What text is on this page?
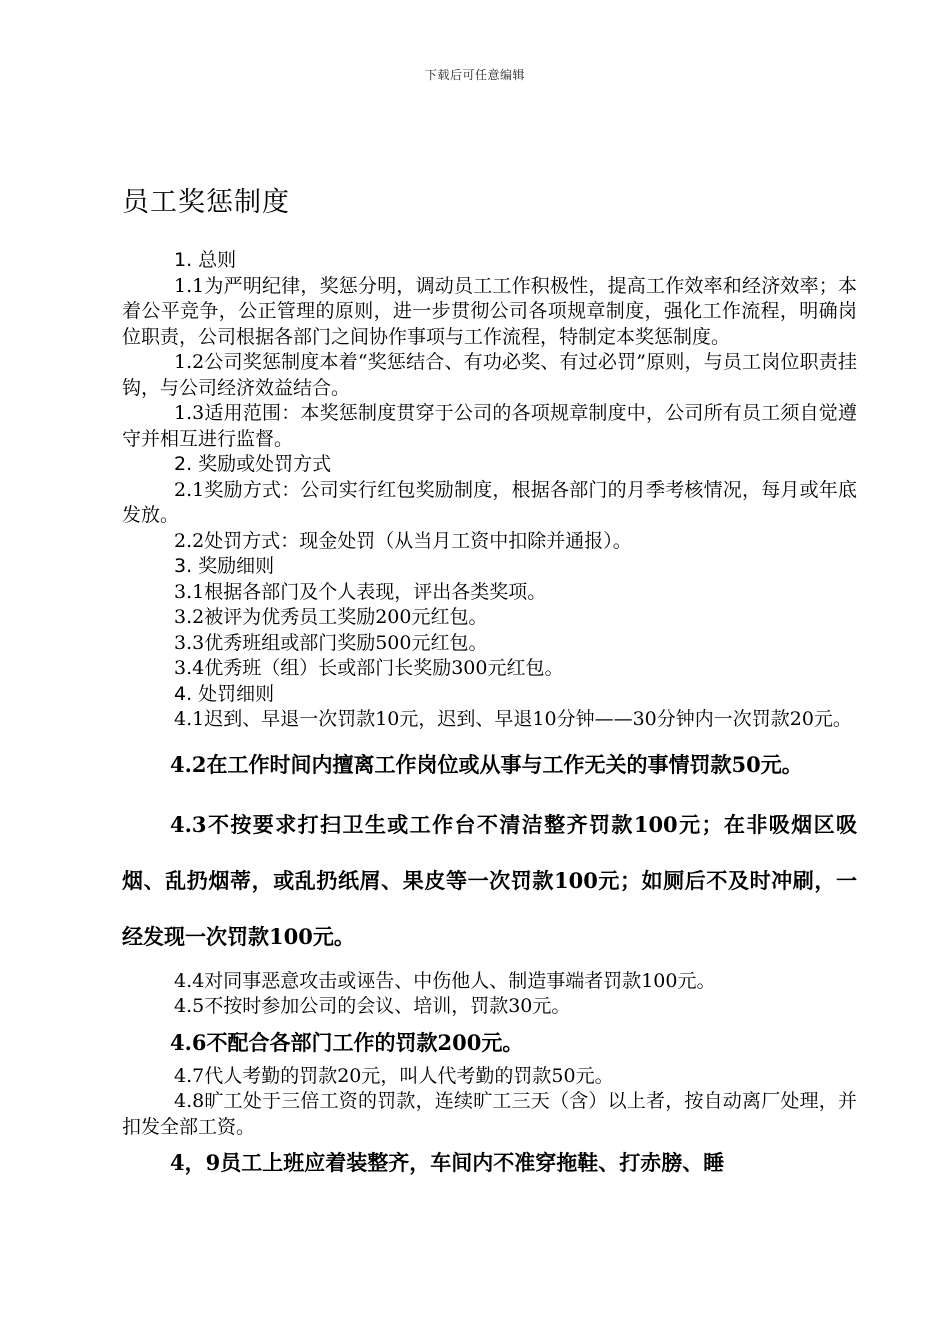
下载后可任意编辑
员工奖惩制度

1. 总则

1.1为严明纪律，奖惩分明，调动员工工作积极性，提高工作效率和经济效率；本着公平竞争，公正管理的原则，进一步贯彻公司各项规章制度，强化工作流程，明确岗位职责，公司根据各部门之间协作事项与工作流程，特制定本奖惩制度。

1.2公司奖惩制度本着“奖惩结合、有功必奖、有过必罚”原则，与员工岗位职责挂钩，与公司经济效益结合。

1.3适用范围：本奖惩制度贯穿于公司的各项规章制度中，公司所有员工须自觉遵守并相互进行监督。

2. 奖励或处罚方式

2.1奖励方式：公司实行红包奖励制度，根据各部门的月季考核情况，每月或年底发放。

2.2处罚方式：现金处罚（从当月工资中扣除并通报）。

3. 奖励细则

3.1根据各部门及个人表现，评出各类奖项。

3.2被评为优秀员工奖励200元红包。

3.3优秀班组或部门奖励500元红包。

3.4优秀班（组）长或部门长奖励300元红包。

4. 处罚细则

4.1迟到、早退一次罚款10元，迟到、早退10分钟——30分钟内一次罚款20元。

4.2在工作时间内擅离工作岗位或从事与工作无关的事情罚款50元。

4.3不按要求打扫卫生或工作台不清洁整齐罚款100元；在非吸烟区吸烟、乱扔烟蒂，或乱扔纸屑、果皮等一次罚款100元；如厕后不及时冲刷，一经发现一次罚款100元。

4.4对同事恶意攻击或诬告、中伤他人、制造事端者罚款100元。

4.5不按时参加公司的会议、培训，罚款30元。

4.6不配合各部门工作的罚款200元。

4.7代人考勤的罚款20元，叫人代考勤的罚款50元。

4.8旷工处于三倍工资的罚款，连续旷工三天（含）以上者，按自动离厂处理，并扣发全部工资。

4，9员工上班应着装整齐，车间内不准穿拖鞋、打赤膀、睡
